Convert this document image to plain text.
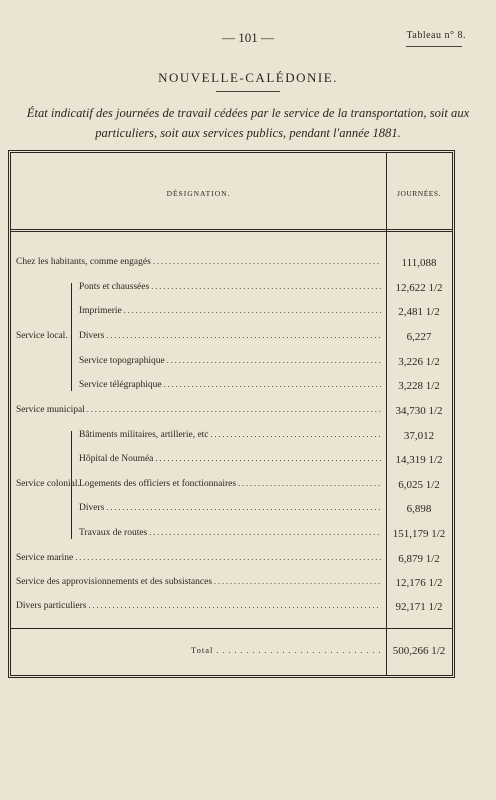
— 101 —	Tableau n° 8.
NOUVELLE-CALÉDONIE.
État indicatif des journées de travail cédées par le service de la transportation, soit aux particuliers, soit aux services publics, pendant l'année 1881.
DÉSIGNATION.	JOURNÉES.
Chez les habitants, comme engagés . . .	111,088
Service local. .
Ponts et chaussées . . .	12,622 1/2
Imprimerie . . .	2,481 1/2
Divers . . .	6,227
Service topographique . . .	3,226 1/2
Service télégraphique . . .	3,228 1/2
Service municipal . . .	34,730 1/2
Service colonial.
Bâtiments militaires, artillerie, etc . . .	37,012
Hôpital de Nouméa . . .	14,319 1/2
Logements des officiers et fonctionnaires . . .	6,025 1/2
Divers . . .	6,898
Travaux de routes . . .	151,179 1/2
Service marine . . .	6,879 1/2
Service des approvisionnements et des subsistances . . .	12,176 1/2
Divers particuliers . . .	92,171 1/2
Total . . .	500,266 1/2
